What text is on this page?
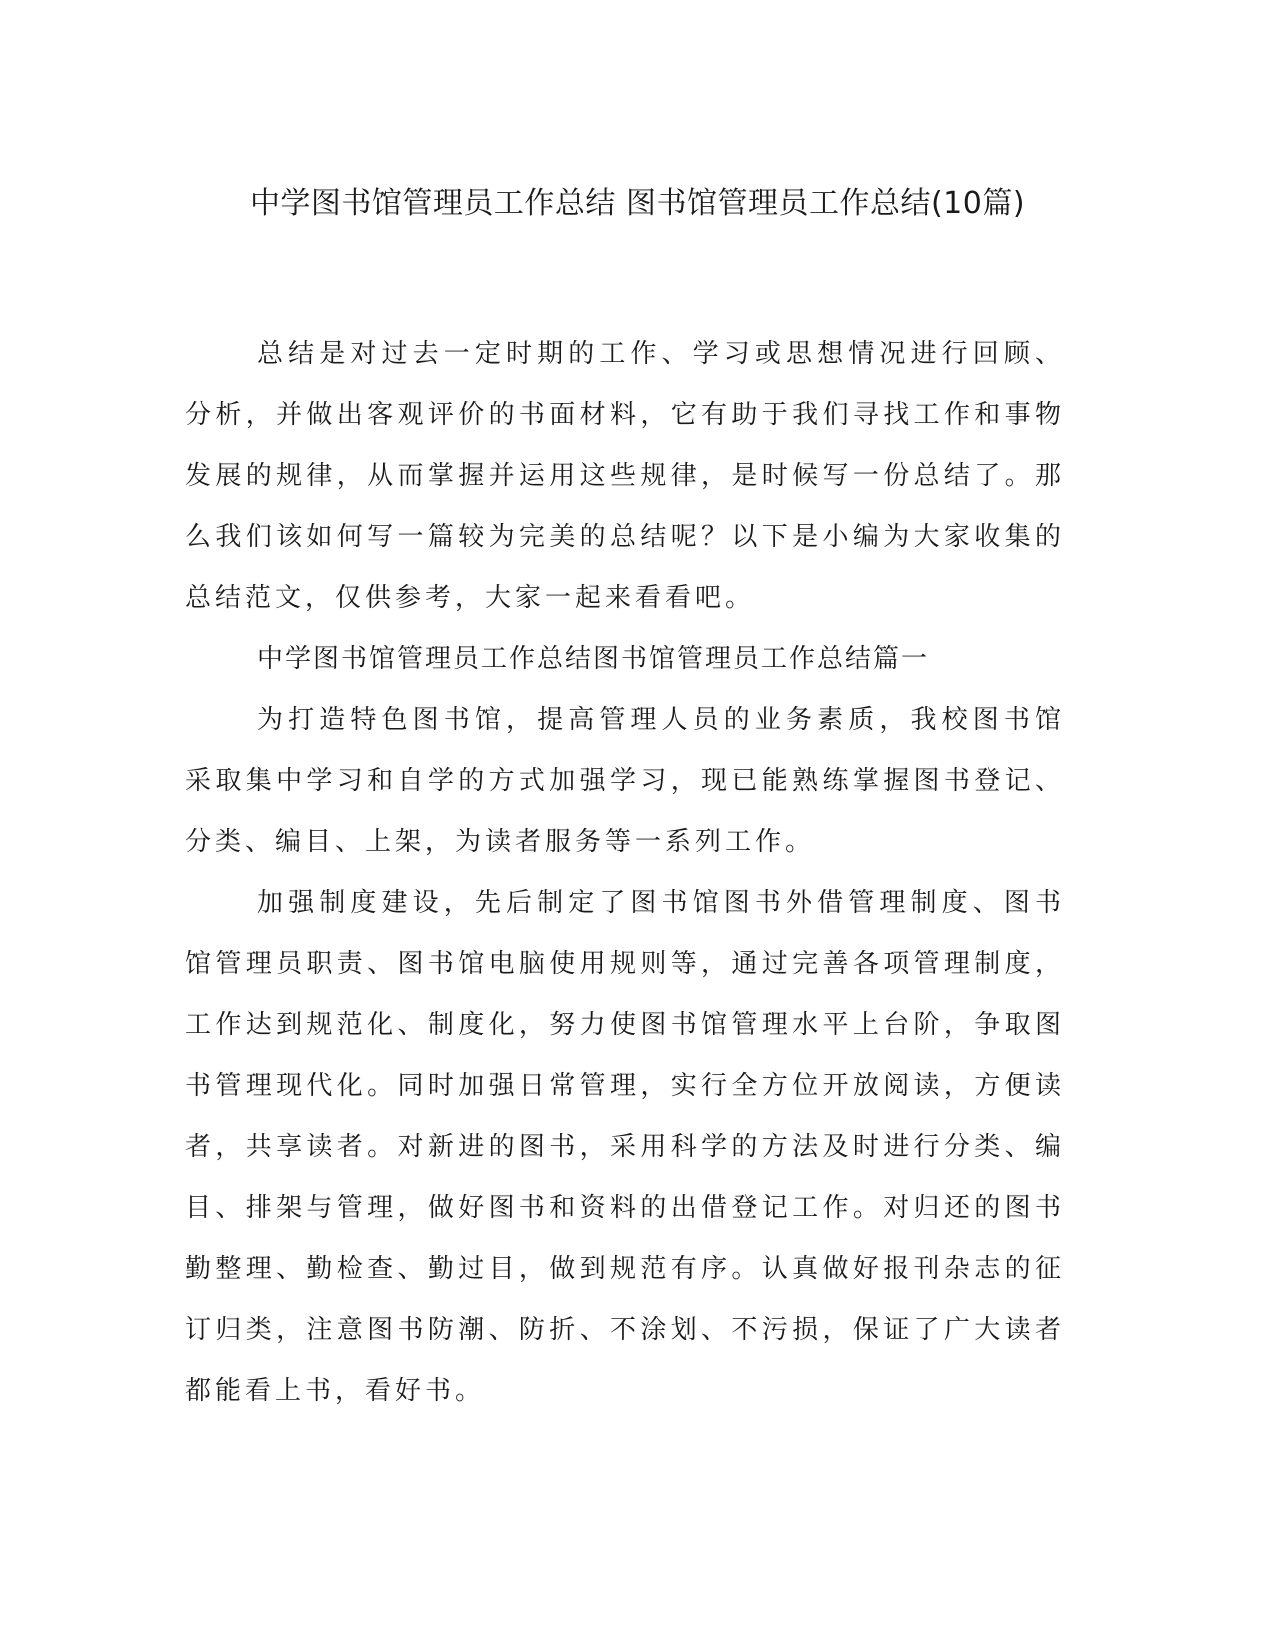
中学图书馆管理员工作总结 图书馆管理员工作总结(10篇)

总结是对过去一定时期的工作、学习或思想情况进行回顾、分析，并做出客观评价的书面材料，它有助于我们寻找工作和事物发展的规律，从而掌握并运用这些规律，是时候写一份总结了。那么我们该如何写一篇较为完美的总结呢？以下是小编为大家收集的总结范文，仅供参考，大家一起来看看吧。

中学图书馆管理员工作总结图书馆管理员工作总结篇一

为打造特色图书馆，提高管理人员的业务素质，我校图书馆采取集中学习和自学的方式加强学习，现已能熟练掌握图书登记、分类、编目、上架，为读者服务等一系列工作。

加强制度建设，先后制定了图书馆图书外借管理制度、图书馆管理员职责、图书馆电脑使用规则等，通过完善各项管理制度，工作达到规范化、制度化，努力使图书馆管理水平上台阶，争取图书管理现代化。同时加强日常管理，实行全方位开放阅读，方便读者，共享读者。对新进的图书，采用科学的方法及时进行分类、编目、排架与管理，做好图书和资料的出借登记工作。对归还的图书勤整理、勤检查、勤过目，做到规范有序。认真做好报刊杂志的征订归类，注意图书防潮、防折、不涂划、不污损，保证了广大读者都能看上书，看好书。
